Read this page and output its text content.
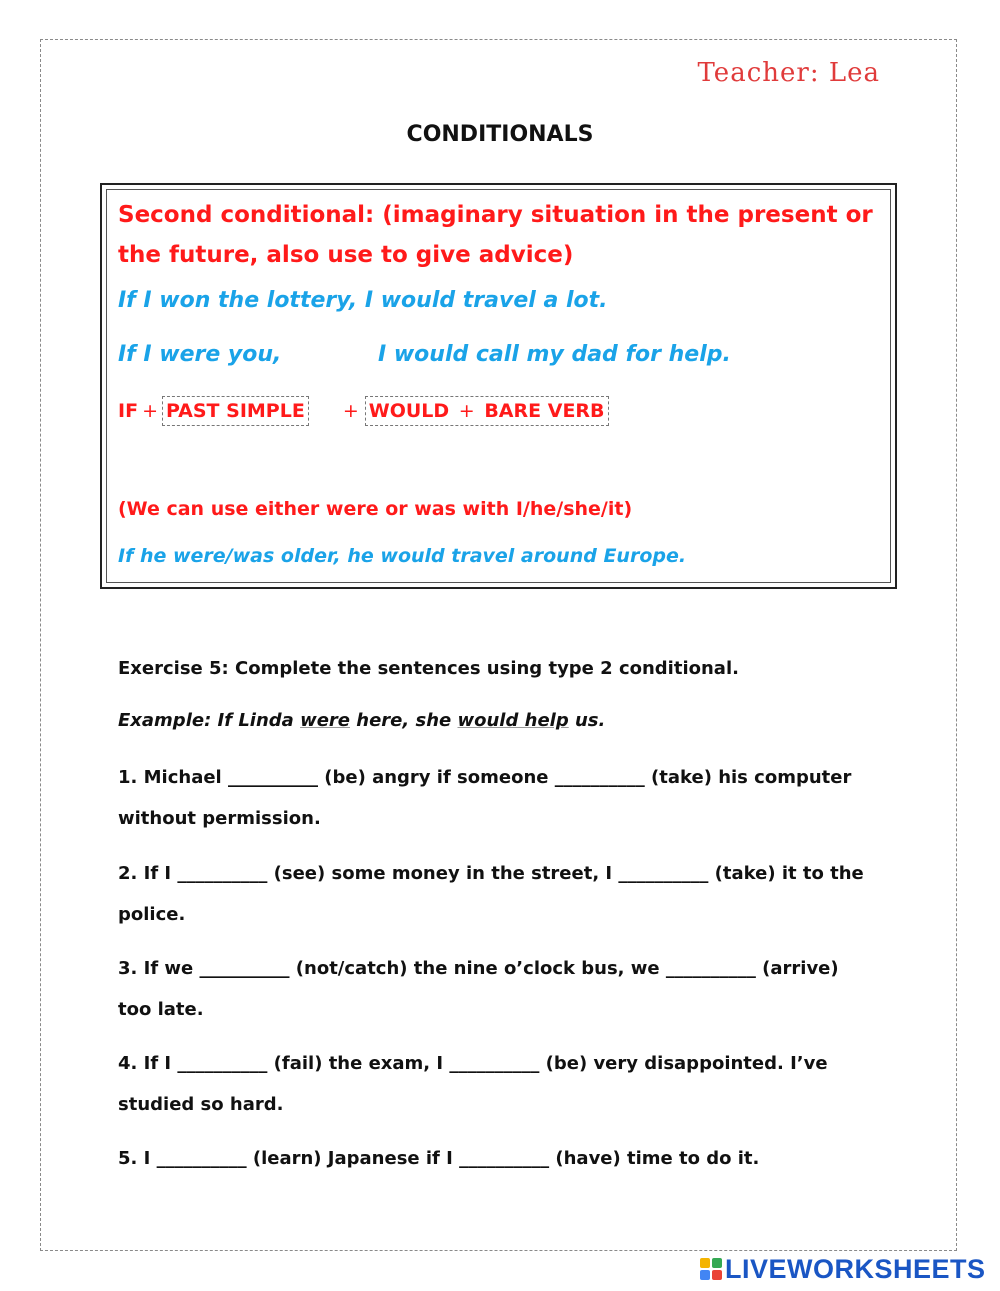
Teacher: Lea
CONDITIONALS
Second conditional: (imaginary situation in the present or the future, also use to give advice)
If I won the lottery, I would travel a lot.
If I were you,	I would call my dad for help.
IF + PAST SIMPLE + WOULD + BARE VERB
(We can use either were or was with I/he/she/it)
If he were/was older, he would travel around Europe.
Exercise 5: Complete the sentences using type 2 conditional.
Example: If Linda were here, she would help us.
1. Michael __________ (be) angry if someone __________ (take) his computer without permission.
2. If I __________ (see) some money in the street, I __________ (take) it to the police.
3. If we __________ (not/catch) the nine o’clock bus, we __________ (arrive) too late.
4. If I __________ (fail) the exam, I __________ (be) very disappointed. I’ve studied so hard.
5. I __________ (learn) Japanese if I __________ (have) time to do it.
LIVEWORKSHEETS
